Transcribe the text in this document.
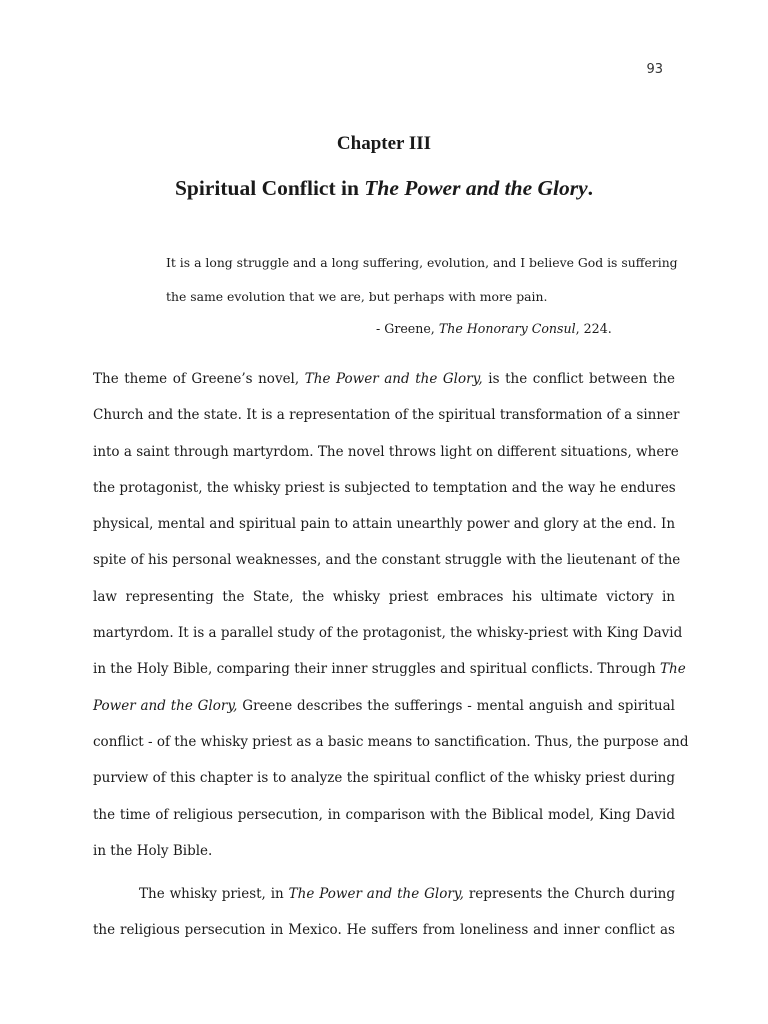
93
Chapter III
Spiritual Conflict in The Power and the Glory.
It is a long struggle and a long suffering, evolution, and I believe God is suffering
the same evolution that we are, but perhaps with more pain.
- Greene, The Honorary Consul, 224.

The theme of Greene’s novel, The Power and the Glory, is the conflict between the
Church and the state. It is a representation of the spiritual transformation of a sinner
into a saint through martyrdom. The novel throws light on different situations, where
the protagonist, the whisky priest is subjected to temptation and the way he endures
physical, mental and spiritual pain to attain unearthly power and glory at the end. In
spite of his personal weaknesses, and the constant struggle with the lieutenant of the
law representing the State, the whisky priest embraces his ultimate victory in
martyrdom. It is a parallel study of the protagonist, the whisky-priest with King David
in the Holy Bible, comparing their inner struggles and spiritual conflicts. Through The
Power and the Glory, Greene describes the sufferings - mental anguish and spiritual
conflict - of the whisky priest as a basic means to sanctification. Thus, the purpose and
purview of this chapter is to analyze the spiritual conflict of the whisky priest during
the time of religious persecution, in comparison with the Biblical model, King David
in the Holy Bible.

The whisky priest, in The Power and the Glory, represents the Church during
the religious persecution in Mexico. He suffers from loneliness and inner conflict as
